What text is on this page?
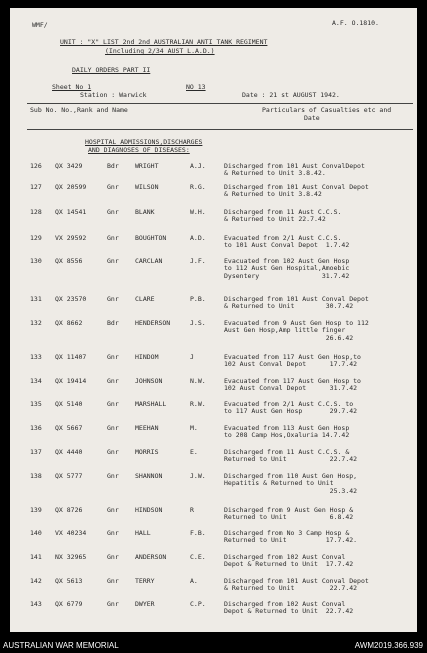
WMF/	A.F. O.1810.
UNIT : "X" LIST 2nd 2nd AUSTRALIAN ANTI TANK REGIMENT
(Including 2/34 AUST L.A.D.)
DAILY ORDERS PART II
Sheet No 1	NO 13
Station : Warwick	Date : 21 st AUGUST 1942.
Sub No. No.,Rank and Name	Particulars of Casualties etc and
Date
HOSPITAL ADMISSIONS,DISCHARGES
AND DIAGNOSES OF DISEASES:
126 QX 3429	Bdr	WRIGHT	A.J.	Discharged from 101 Aust ConvalDepot
& Returned to Unit 3.8.42.
127 QX 20599	Gnr	WILSON	R.G.	Discharged from 101 Aust Conval Depot
& Returned to Unit 3.8.42
128 QX 14541	Gnr	BLANK	W.H.	Discharged from 11 Aust C.C.S.
& Returned to Unit 22.7.42
129 VX 29592	Gnr	BOUGHTON	A.D.	Evacuated from 2/1 Aust C.C.S.
to 101 Aust Conval Depot  1.7.42
130 QX 8556	Gnr	CARCLAN	J.F.	Evacuated from 102 Aust Gen Hosp
to 112 Aust Gen Hospital,Amoebic
Dysentery                31.7.42
131 QX 23570	Gnr	CLARE	P.B.	Discharged from 101 Aust Conval Depot
& Returned to Unit        30.7.42
132 QX 8662	Bdr	HENDERSON	J.S.	Evacuated from 9 Aust Gen Hosp to 112
Aust Gen Hosp,Amp little finger
26.6.42
133 QX 11407	Gnr	HINDOM	J	Evacuated from 117 Aust Gen Hosp,to
102 Aust Conval Depot      17.7.42
134 QX 19414	Gnr	JOHNSON	N.W.	Evacuated from 117 Aust Gen Hosp to
102 Aust Conval Depot      31.7.42
135 QX 5140	Gnr	MARSHALL	R.W.	Evacuated from 2/1 Aust C.C.S. to
to 117 Aust Gen Hosp       29.7.42
136 QX 5667	Gnr	MEEHAN	M.	Evacuated from 113 Aust Gen Hosp
to 208 Camp Hos,Oxaluria 14.7.42
137 QX 4440	Gnr	MORRIS	E.	Discharged from 11 Aust C.C.S. &
Returned to Unit           22.7.42
138 QX 5777	Gnr	SHANNON	J.W.	Discharged from 110 Aust Gen Hosp,
Hepatitis & Returned to Unit
25.3.42
139 QX 8726	Gnr	HINDSON	R	Discharged from 9 Aust Gen Hosp &
Returned to Unit           6.8.42
140 VX 40234	Gnr	HALL	F.B.	Discharged from No 3 Camp Hosp &
Returned to Unit          17.7.42.
141 NX 32965	Gnr	ANDERSON	C.E.	Discharged from 102 Aust Conval
Depot & Returned to Unit  17.7.42
142 QX 5613	Gnr	TERRY	A.	Discharged from 101 Aust Conval Depot
& Returned to Unit         22.7.42
143 QX 6779	Gnr	DWYER	C.P.	Discharged from 102 Aust Conval
Depot & Returned to Unit  22.7.42
AUSTRALIAN WAR MEMORIAL	AWM2019.366.939
